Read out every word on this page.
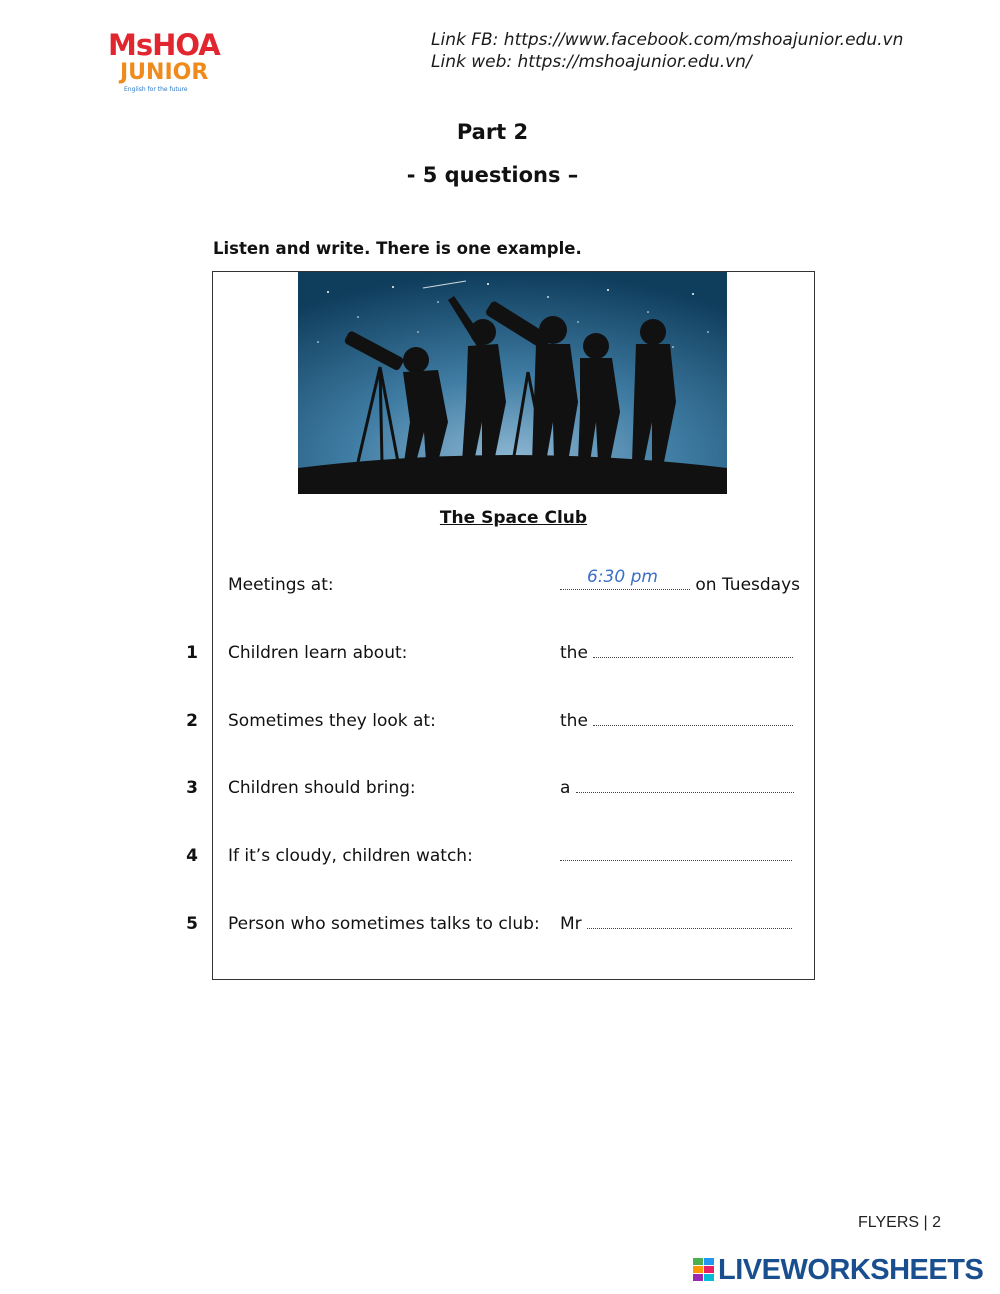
MsHOA
JUNIOR
English for the future
Link FB: https://www.facebook.com/mshoajunior.edu.vn
Link web: https://mshoajunior.edu.vn/
Part 2
- 5 questions –
Listen and write. There is one example.
The Space Club
Meetings at:	6:30 pm	on Tuesdays
1 Children learn about:	the
2 Sometimes they look at:	the
3 Children should bring:	a
4 If it’s cloudy, children watch:
5 Person who sometimes talks to club: Mr
FLYERS | 2
LIVEWORKSHEETS
